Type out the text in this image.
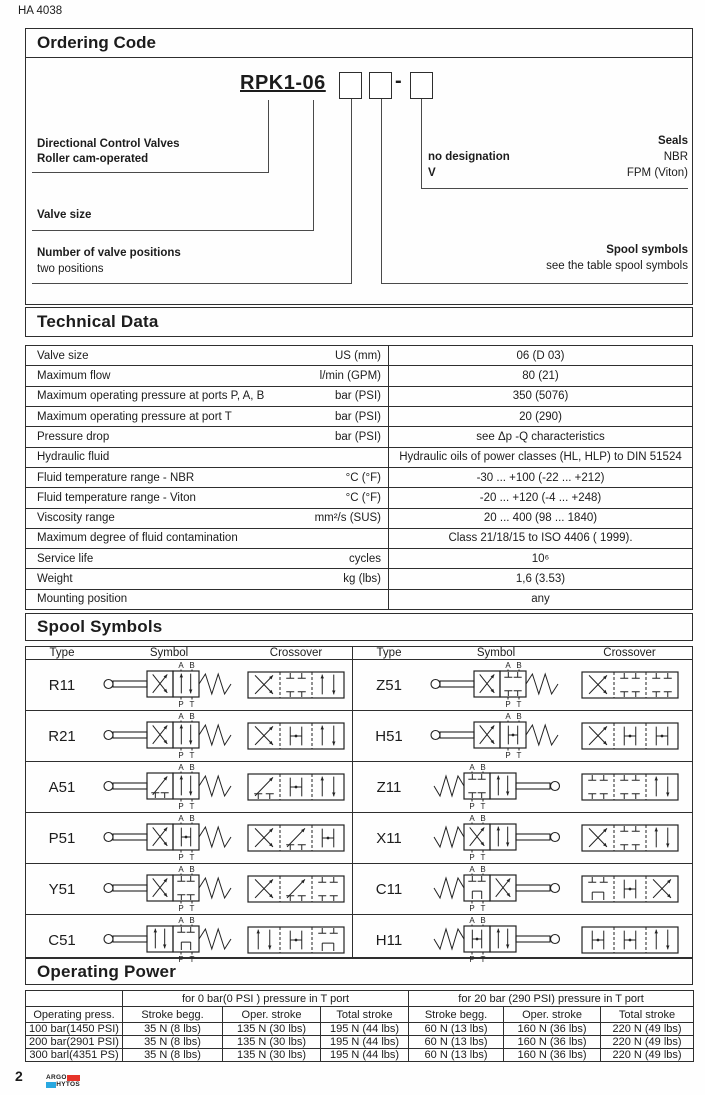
HA 4038
Ordering Code
RPK1-06	-
Directional Control Valves
Roller cam-operated
Valve size
Number of valve positions
two positions
Seals
no designation	NBR
V	FPM (Viton)
Spool symbols
see the table spool symbols
Technical Data
Valve size	US (mm)	06 (D 03)
Maximum flow	l/min (GPM)	80 (21)
Maximum operating pressure at ports P, A, B	bar (PSI)	350 (5076)
Maximum operating pressure at port T	bar (PSI)	20 (290)
Pressure drop	bar (PSI)	see Δp -Q characteristics
Hydraulic fluid	Hydraulic oils of power classes (HL, HLP) to DIN 51524
Fluid temperature range - NBR	°C (°F)	-30 ... +100 (-22 ... +212)
Fluid temperature range - Viton	°C (°F)	-20 ... +120 (-4 ... +248)
Viscosity range	mm²/s (SUS)	20 ... 400 (98 ... 1840)
Maximum degree of fluid contamination	Class 21/18/15 to ISO 4406 ( 1999).
Service life	cycles	10⁶
Weight	kg (lbs)	1,6 (3.53)
Mounting position	any
Spool Symbols
Type	Symbol	Crossover
R11
A B
P T
R21
A B
P T
A51
A B
P T
P51
A B
P T
Y51
A B
P T
C51
A B
P T
Type	Symbol	Crossover
Z51
A B
P T
H51
A B
P T
Z11
A B
P T
X11
A B
P T
C11
A B
P T
H11
A B
P T
Operating Power
	for 0 bar(0 PSI ) pressure in T port			for 20 bar (290 PSI) pressure in T port		
Operating press.	Stroke begg.	Oper. stroke	Total stroke	Stroke begg.	Oper. stroke	Total stroke
100 bar(1450 PSI)	35 N (8 lbs)	135 N (30 lbs)	195 N (44 lbs)	60 N (13 lbs)	160 N (36 lbs)	220 N (49 lbs)
200 bar(2901 PSI)	35 N (8 lbs)	135 N (30 lbs)	195 N (44 lbs)	60 N (13 lbs)	160 N (36 lbs)	220 N (49 lbs)
300 barl(4351 PS)	35 N (8 lbs)	135 N (30 lbs)	195 N (44 lbs)	60 N (13 lbs)	160 N (36 lbs)	220 N (49 lbs)
2	ARGO
HYTOS
